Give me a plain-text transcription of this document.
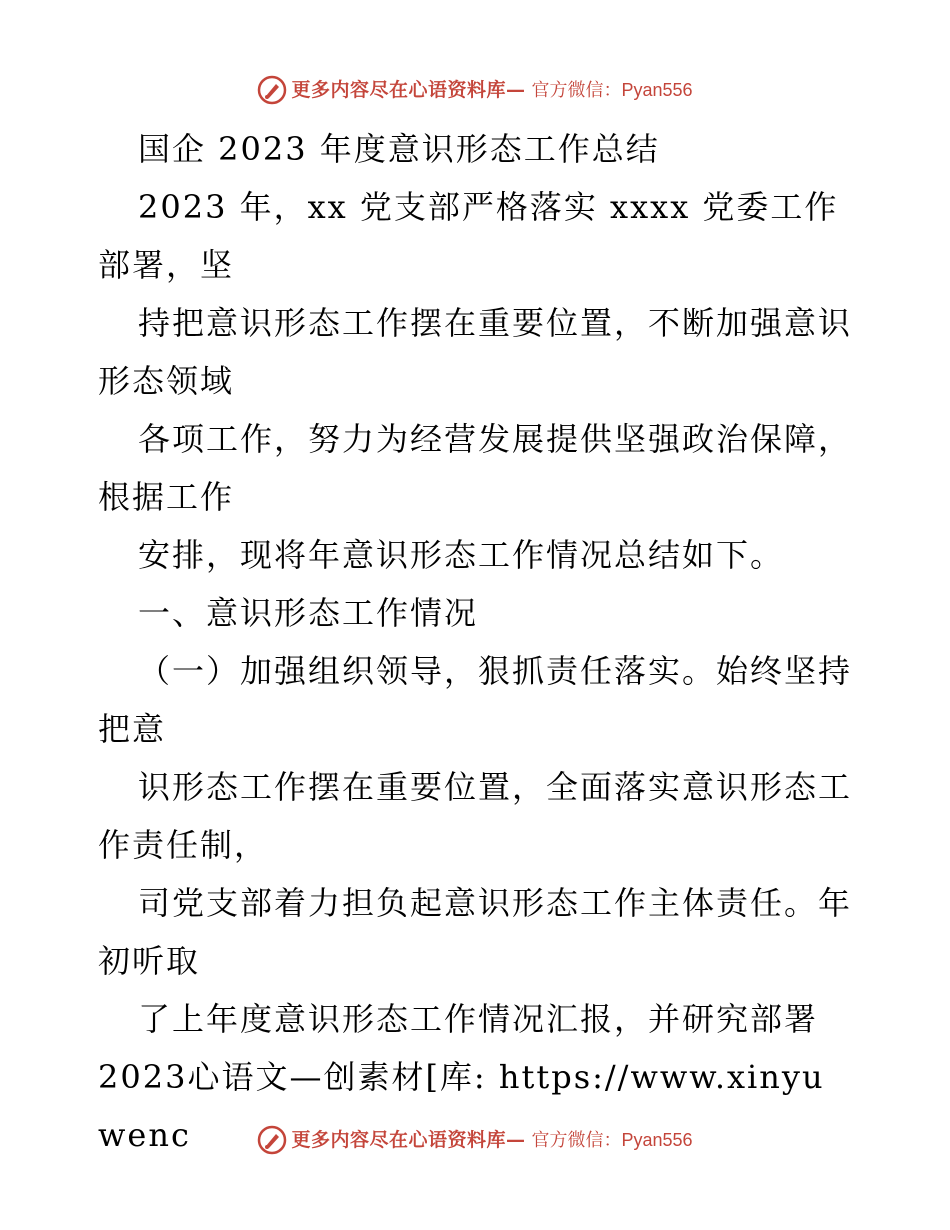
更多内容尽在心语资料库— 官方微信：Pyan556

国企 2023 年度意识形态工作总结

2023 年，xx 党支部严格落实 xxxx 党委工作部署，坚

持把意识形态工作摆在重要位置，不断加强意识形态领域

各项工作，努力为经营发展提供坚强政治保障，根据工作

安排，现将年意识形态工作情况总结如下。

一、意识形态工作情况

（一）加强组织领导，狠抓责任落实。始终坚持把意

识形态工作摆在重要位置，全面落实意识形态工作责任制，

司党支部着力担负起意识形态工作主体责任。年初听取

了上年度意识形态工作情况汇报，并研究部署

2023心语文—创素材[库: https://www.xinyuwenc	更多内容尽在心语资料库— 官方微信：Pyan556
